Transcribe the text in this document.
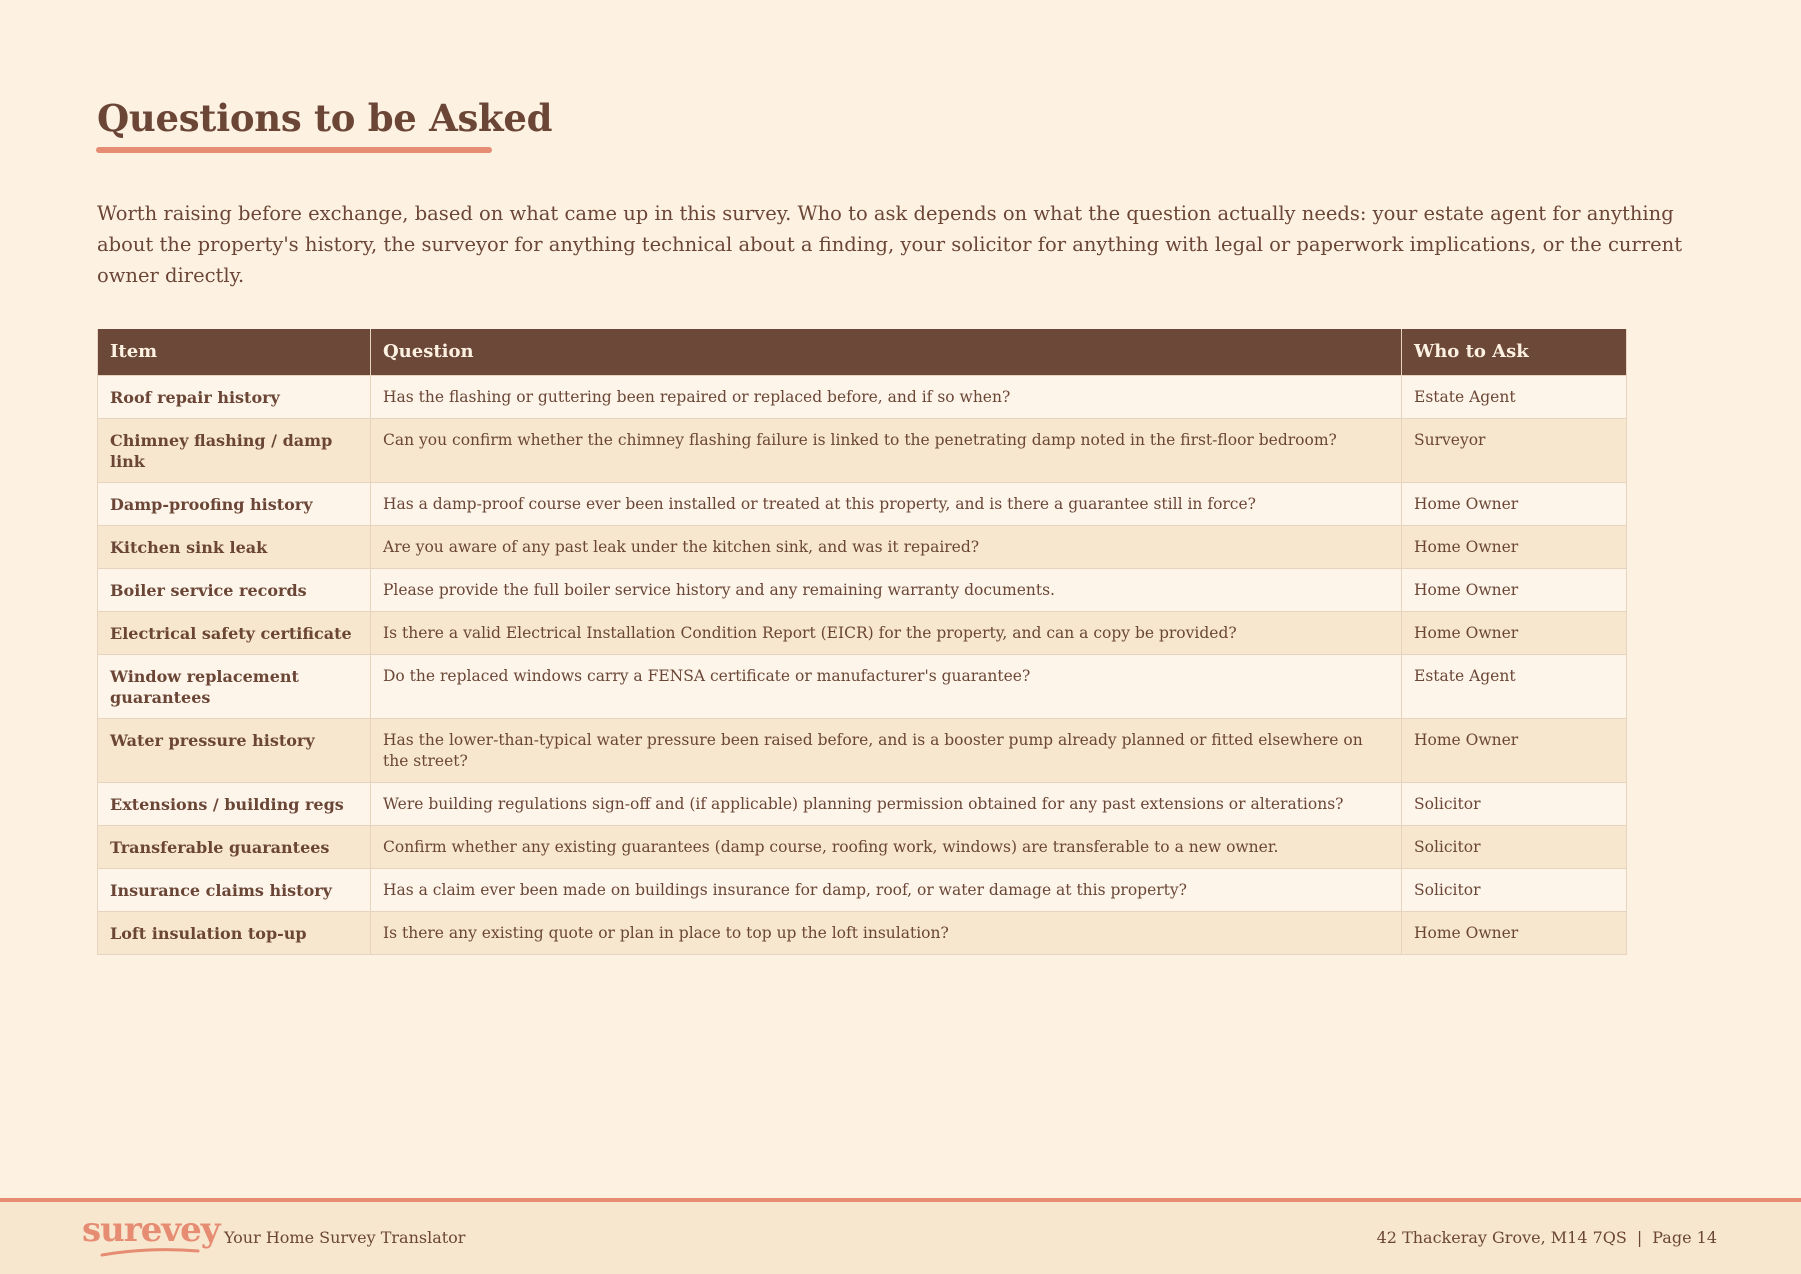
Questions to be Asked

Worth raising before exchange, based on what came up in this survey. Who to ask depends on what the question actually needs: your estate agent for anything about the property's history, the surveyor for anything technical about a finding, your solicitor for anything with legal or paperwork implications, or the current owner directly.

Item	Question	Who to Ask
Roof repair history	Has the flashing or guttering been repaired or replaced before, and if so when?	Estate Agent
Chimney flashing / damp link	Can you confirm whether the chimney flashing failure is linked to the penetrating damp noted in the first-floor bedroom?	Surveyor
Damp-proofing history	Has a damp-proof course ever been installed or treated at this property, and is there a guarantee still in force?	Home Owner
Kitchen sink leak	Are you aware of any past leak under the kitchen sink, and was it repaired?	Home Owner
Boiler service records	Please provide the full boiler service history and any remaining warranty documents.	Home Owner
Electrical safety certificate	Is there a valid Electrical Installation Condition Report (EICR) for the property, and can a copy be provided?	Home Owner
Window replacement guarantees	Do the replaced windows carry a FENSA certificate or manufacturer's guarantee?	Estate Agent
Water pressure history	Has the lower-than-typical water pressure been raised before, and is a booster pump already planned or fitted elsewhere on the street?	Home Owner
Extensions / building regs	Were building regulations sign-off and (if applicable) planning permission obtained for any past extensions or alterations?	Solicitor
Transferable guarantees	Confirm whether any existing guarantees (damp course, roofing work, windows) are transferable to a new owner.	Solicitor
Insurance claims history	Has a claim ever been made on buildings insurance for damp, roof, or water damage at this property?	Solicitor
Loft insulation top-up	Is there any existing quote or plan in place to top up the loft insulation?	Home Owner
surevey Your Home Survey Translator	42 Thackeray Grove, M14 7QS | Page 14
